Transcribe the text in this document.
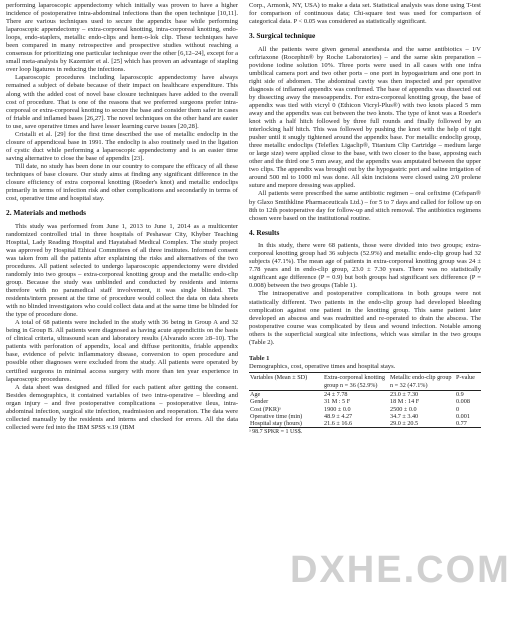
performing laparoscopic appendectomy which initially was proven to have a higher incidence of postoperative intra-abdominal infections than the open technique [10,11]. There are various techniques used to secure the appendix base while performing laparoscopic appendectomy – extra-corporeal knotting, intra-corporeal knotting, endo-loops, endo-staplers, metallic endo-clips and hem-o-lok clip. These techniques have been compared in many retrospective and prospective studies without reaching a consensus for prioritizing one particular technique over the other [6,12–24], except for a small meta-analysis by Kazemier et al. [25] which has proven an advantage of stapling over loop ligatures in reducing the infections.

Laparoscopic procedures including laparoscopic appendectomy have always remained a subject of debate because of their impact on healthcare expenditure. This along with the added cost of novel base closure techniques have added to the overall cost of procedure. That is one of the reasons that we preferred surgeons prefer intra-corporeal or extra-corporeal knotting to secure the base and consider them safer in cases of friable and inflamed bases [26,27]. The novel techniques on the other hand are easier to use, save operative times and have lesser learning curve issues [20,28].

Cristalli et al. [29] for the first time described the use of metallic endoclip in the closure of appendiceal base in 1991. The endoclip is also routinely used in the ligation of cystic duct while performing a laparoscopic appendectomy and is an easier time saving alternative to close the base of appendix [23].

Till date, no study has been done in our country to compare the efficacy of all these techniques of base closure. Our study aims at finding any significant difference in the closure efficiency of extra corporeal knotting (Roeder's knot) and metallic endoclips primarily in terms of infection risk and other complications and secondarily in terms of cost, operative time and hospital stay.

2. Materials and methods

This study was performed from June 1, 2013 to June 1, 2014 as a multicenter randomized controlled trial in three hospitals of Peshawar City, Khyber Teaching Hospital, Lady Reading Hospital and Hayatabad Medical Complex. The study project was approved by Hospital Ethical Committees of all three institutes. Informed consent was taken from all the patients after explaining the risks and alternatives of the two procedures. All patient selected to undergo laparoscopic appendectomy were divided randomly into two groups – extra-corporeal knotting group and the metallic endo-clip group. Because the study was unblinded and conducted by residents and interns therefore with no paramedical staff involvement, it was single blinded. The residents/intern present at the time of procedure would collect the data on data sheets with no blinded investigators who could collect data and at the same time be blinded for the type of procedure done.

A total of 68 patients were included in the study with 36 being in Group A and 32 being in Group B. All patients were diagnosed as having acute appendicitis on the basis of clinical criteria, ultrasound scan and laboratory results (Alvarado score ≥8–10). The patients with perforation of appendix, local and diffuse peritonitis, friable appendix base, evidence of pelvic inflammatory disease, conversion to open procedure and possible other diagnoses were excluded from the study. All patients were operated by certified surgeons in minimal access surgery with more than ten year experience in laparoscopic procedures.

A data sheet was designed and filled for each patient after getting the consent. Besides demographics, it contained variables of two intra-operative – bleeding and organ injury – and five postoperative complications – postoperative ileus, intra-abdominal infection, surgical site infection, readmission and reoperation. The data were collected manually by the residents and interns and checked for errors. All the data collected were fed into the IBM SPSS v.19 (IBM

Corp., Armonk, NY, USA) to make a data set. Statistical analysis was done using T-test for comparison of continuous data; Chi-square test was used for comparison of categorical data. P < 0.05 was considered as statistically significant.

3. Surgical technique

All the patients were given general anesthesia and the same antibiotics – I/V ceftriaxone (Rocephin® by Roche Laboratories) – and the same skin preparation – povidone iodine solution 10%. Three ports were used in all cases with one infra umbilical camera port and two other ports – one port in hypogastrium and one port in right side of abdomen. The abdominal cavity was then inspected and per operative diagnosis of inflamed appendix was confirmed. The base of appendix was dissected out by dissecting away the mesoappendix. For extra-corporeal knotting group, the base of appendix was tied with vicryl 0 (Ethicon Vicryl-Plus®) with two knots placed 5 mm away and the appendix was cut between the two knots. The type of knot was a Roeder's knot with a half hitch followed by three full rounds and finally followed by an interlocking half hitch. This was followed by pushing the knot with the help of tight pusher until it snugly tightened around the appendix base. For metallic endoclip group, three metallic endoclips (Teleflex Ligaclip®, Titanium Clip Cartridge – medium large or large size) were applied close to the base, with two closer to the base, apposing each other and the third one 5 mm away, and the appendix was amputated between the upper two clips. The appendix was brought out by the hypogastric port and saline irrigation of around 500 ml to 1000 ml was done. All skin incisions were closed using 2/0 prolene suture and mepore dressing was applied.

All patients were prescribed the same antibiotic regimen – oral cefixime (Cefspan® by Glaxo Smithkline Pharmaceuticals Ltd.) – for 5 to 7 days and called for follow up on 8th to 12th postoperative day for follow-up and stitch removal. The antibiotics regimens chosen were based on the institutional routine.

4. Results

In this study, there were 68 patients, those were divided into two groups; extra-corporeal knotting group had 36 subjects (52.9%) and metallic endo-clip group had 32 subjects (47.1%). The mean age of patients in extra-corporeal knotting group was 24 ± 7.78 years and in endo-clip group, 23.0 ± 7.30 years. There was no statistically significant age difference (P = 0.9) but both groups had significant sex difference (P = 0.008) between the two groups (Table 1).

The intraoperative and postoperative complications in both groups were not statistically different. Two patients in the endo-clip group had developed bleeding complication against one patient in the knotting group. This same patient later developed an abscess and was readmitted and re-operated to drain the abscess. The postoperative course was complicated by ileus and wound infection. Notable among others is the superficial surgical site infections, which was similar in the two groups (Table 2).

Table 1
Demographics, cost, operative times and hospital stays.
Variables (Mean ± SD)	Extra-corporeal knotting group n = 36 (52.9%)	Metallic endo-clip group n = 32 (47.1%)	P-value
Age	24 ± 7.78	23.0 ± 7.30	0.9
Gender	31 M : 5 F	18 M : 14 F	0.008
Cost (PKR)ᵃ	1900 ± 0.0	2500 ± 0.0	0
Operative time (min)	48.9 ± 4.27	34.7 ± 3.40	0.001
Hospital stay (hours)	21.6 ± 16.6	29.0 ± 20.5	0.77
ᵃ 98.7 SPKR = 1 US$.
DXHE.COM
